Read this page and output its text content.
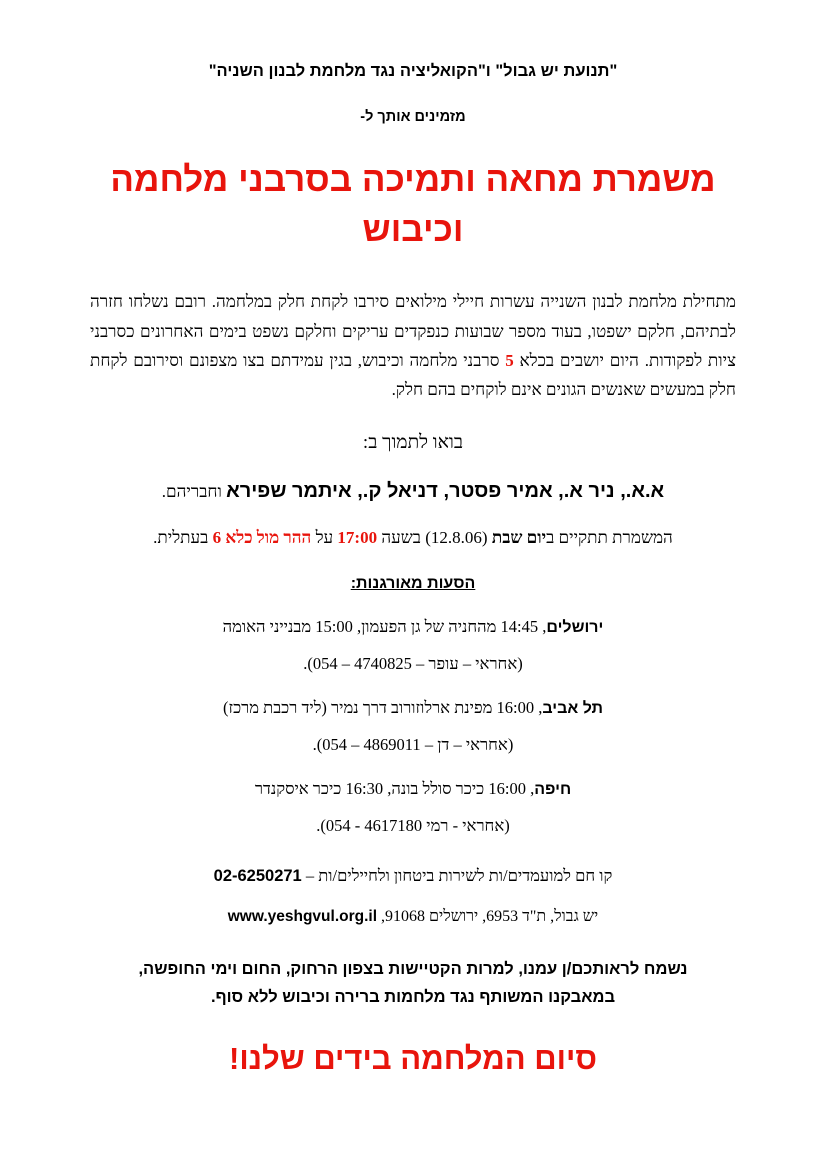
"תנועת יש גבול" ו"הקואליציה נגד מלחמת לבנון השניה"
מזמינים אותך ל-
משמרת מחאה ותמיכה בסרבני מלחמה
וכיבוש
מתחילת מלחמת לבנון השנייה עשרות חיילי מילואים סירבו לקחת חלק במלחמה. רובם נשלחו חזרה לבתיהם, חלקם ישפטו, בעוד מספר שבועות כנפקדים עריקים וחלקם נשפט בימים האחרונים כסרבני ציות לפקודות. היום יושבים בכלא 5 סרבני מלחמה וכיבוש, בגין עמידתם בצו מצפונם וסירובם לקחת חלק במעשים שאנשים הגונים אינם לוקחים בהם חלק.
בואו לתמוך ב:
א.א., ניר א., אמיר פסטר, דניאל ק., איתמר שפירא וחבריהם.
המשמרת תתקיים ביום שבת (12.8.06) בשעה 17:00 על ההר מול כלא 6 בעתלית.
הסעות מאורגנות:
ירושלים, 14:45 מהחניה של גן הפעמון, 15:00 מבנייני האומה
(אחראי – עופר – 4740825 – 054).
תל אביב, 16:00 מפינת ארלוזורוב דרך נמיר (ליד רכבת מרכז)
(אחראי – דן – 4869011 – 054).
חיפה, 16:00 כיכר סולל בונה, 16:30 כיכר איסקנדר
(אחראי - רמי 4617180 - 054).
קו חם למועמדים/ות לשירות ביטחון ולחיילים/ות – 02-6250271
יש גבול, ת"ד 6953, ירושלים 91068, www.yeshgvul.org.il
נשמח לראותכם/ן עמנו, למרות הקטיישות בצפון הרחוק, החום וימי החופשה,
במאבקנו המשותף נגד מלחמות ברירה וכיבוש ללא סוף.
סיום המלחמה בידים שלנו!
